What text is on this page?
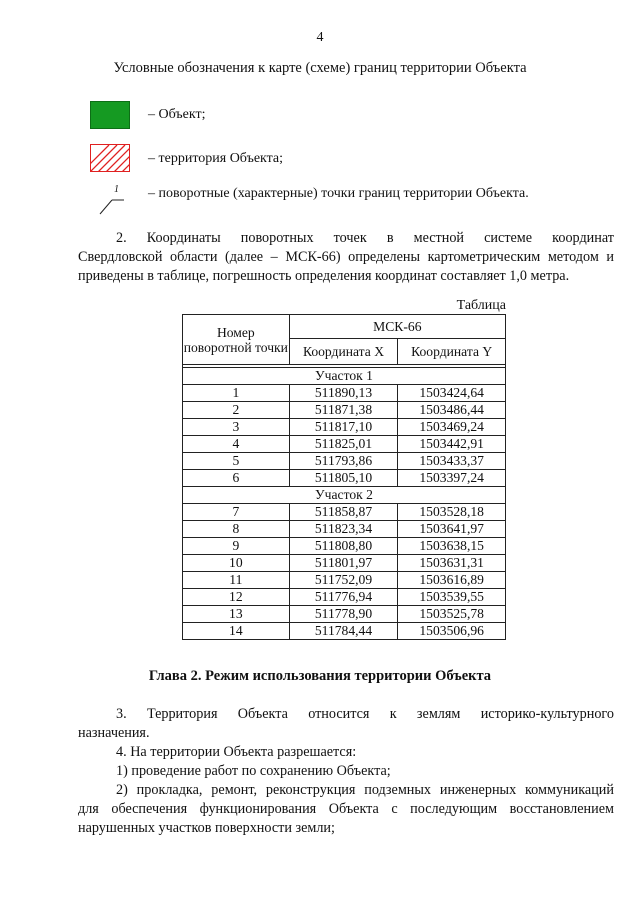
4
Условные обозначения к карте (схеме) границ территории Объекта
– Объект;
– территория Объекта;
1 – поворотные (характерные) точки границ территории Объекта.
2. Координаты поворотных точек в местной системе координат
Свердловской области (далее – МСК-66) определены картометрическим методом и приведены в таблице, погрешность определения координат составляет 1,0 метра.
Таблица
Номер поворотной точки	МСК-66	
	Координата X	Координата Y

Участок 1		
1	511890,13	1503424,64
2	511871,38	1503486,44
3	511817,10	1503469,24
4	511825,01	1503442,91
5	511793,86	1503433,37
6	511805,10	1503397,24
Участок 2		
7	511858,87	1503528,18
8	511823,34	1503641,97
9	511808,80	1503638,15
10	511801,97	1503631,31
11	511752,09	1503616,89
12	511776,94	1503539,55
13	511778,90	1503525,78
14	511784,44	1503506,96
Глава 2. Режим использования территории Объекта
3. Территория Объекта относится к землям историко-культурного
назначения.
4. На территории Объекта разрешается:
1) проведение работ по сохранению Объекта;
2) прокладка, ремонт, реконструкция подземных инженерных коммуникаций
для обеспечения функционирования Объекта с последующим восстановлением
нарушенных участков поверхности земли;
